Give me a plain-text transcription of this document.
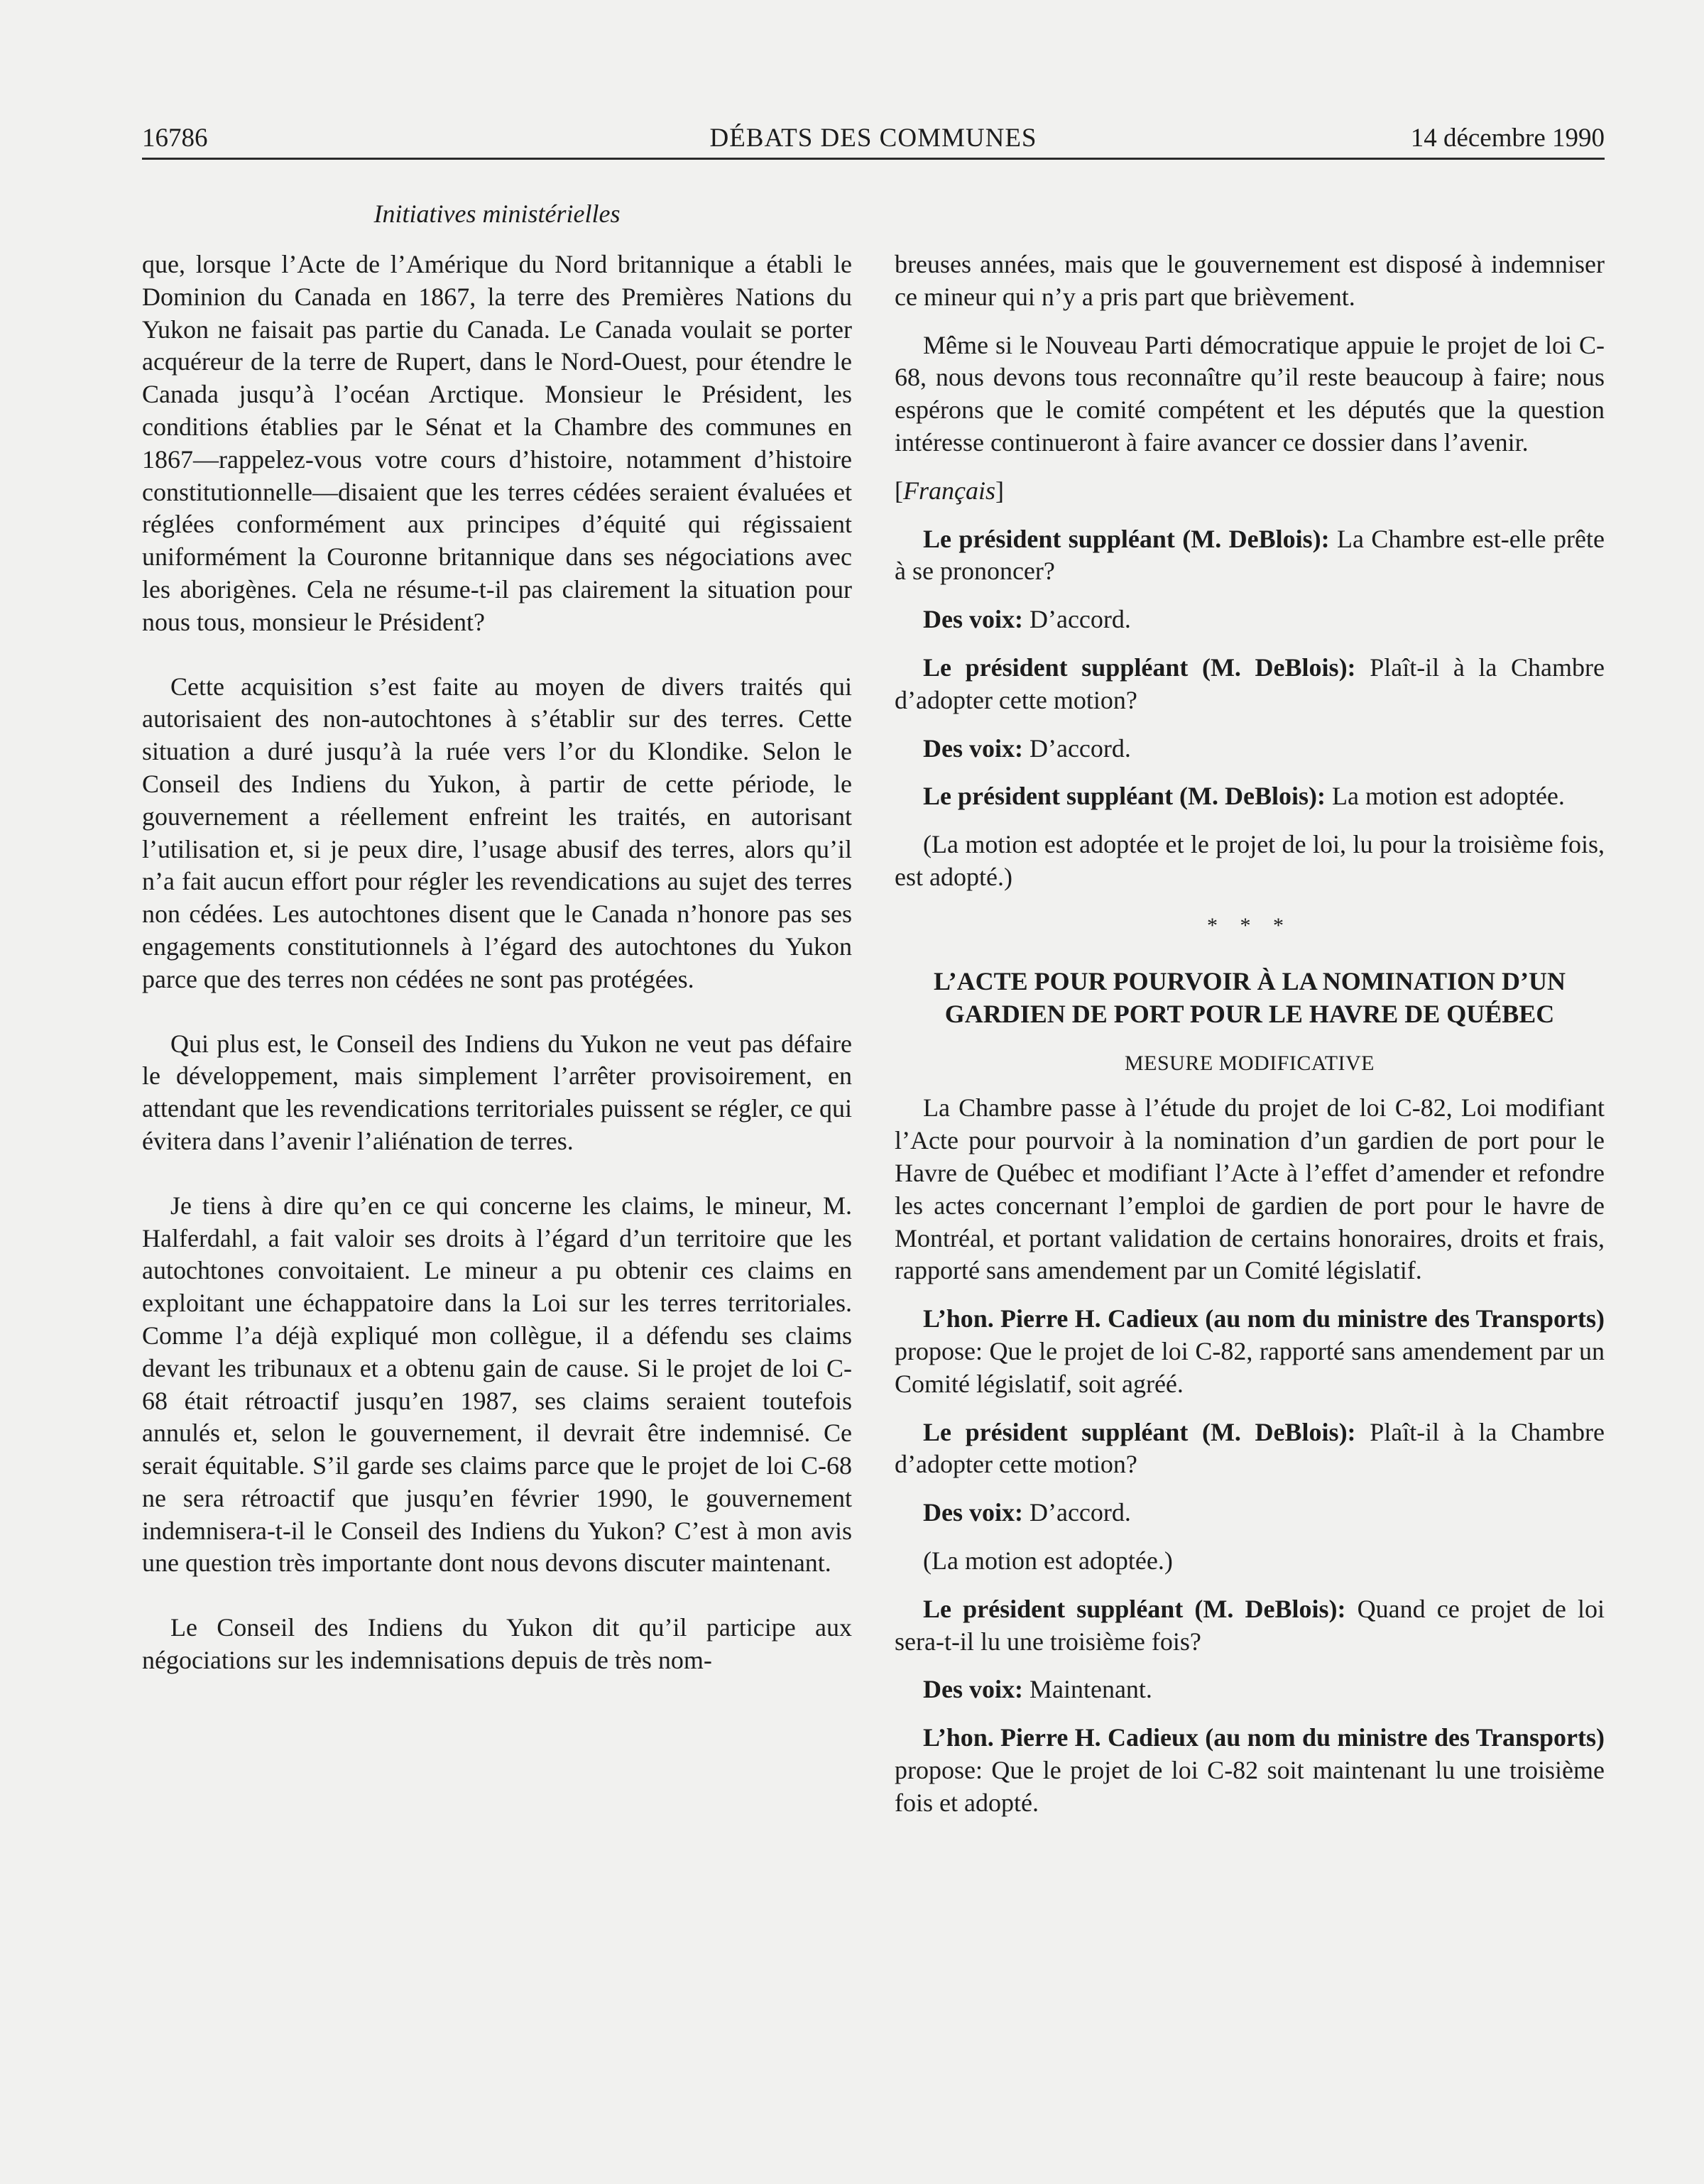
16786	DÉBATS DES COMMUNES	14 décembre 1990
Initiatives ministérielles

que, lorsque l’Acte de l’Amérique du Nord britannique a établi le Dominion du Canada en 1867, la terre des Premières Nations du Yukon ne faisait pas partie du Canada. Le Canada voulait se porter acquéreur de la terre de Rupert, dans le Nord-Ouest, pour étendre le Canada jusqu’à l’océan Arctique. Monsieur le Président, les conditions établies par le Sénat et la Chambre des communes en 1867—rappelez-vous votre cours d’histoire, notamment d’histoire constitutionnelle—disaient que les terres cédées seraient évaluées et réglées conformément aux principes d’équité qui régissaient uniformément la Couronne britannique dans ses négociations avec les aborigènes. Cela ne résume-t-il pas clairement la situation pour nous tous, monsieur le Président?

Cette acquisition s’est faite au moyen de divers traités qui autorisaient des non-autochtones à s’établir sur des terres. Cette situation a duré jusqu’à la ruée vers l’or du Klondike. Selon le Conseil des Indiens du Yukon, à partir de cette période, le gouvernement a réellement enfreint les traités, en autorisant l’utilisation et, si je peux dire, l’usage abusif des terres, alors qu’il n’a fait aucun effort pour régler les revendications au sujet des terres non cédées. Les autochtones disent que le Canada n’honore pas ses engagements constitutionnels à l’égard des autochtones du Yukon parce que des terres non cédées ne sont pas protégées.

Qui plus est, le Conseil des Indiens du Yukon ne veut pas défaire le développement, mais simplement l’arrêter provisoirement, en attendant que les revendications territoriales puissent se régler, ce qui évitera dans l’avenir l’aliénation de terres.

Je tiens à dire qu’en ce qui concerne les claims, le mineur, M. Halferdahl, a fait valoir ses droits à l’égard d’un territoire que les autochtones convoitaient. Le mineur a pu obtenir ces claims en exploitant une échappatoire dans la Loi sur les terres territoriales. Comme l’a déjà expliqué mon collègue, il a défendu ses claims devant les tribunaux et a obtenu gain de cause. Si le projet de loi C-68 était rétroactif jusqu’en 1987, ses claims seraient toutefois annulés et, selon le gouvernement, il devrait être indemnisé. Ce serait équitable. S’il garde ses claims parce que le projet de loi C-68 ne sera rétroactif que jusqu’en février 1990, le gouvernement indemnisera-t-il le Conseil des Indiens du Yukon? C’est à mon avis une question très importante dont nous devons discuter maintenant.

Le Conseil des Indiens du Yukon dit qu’il participe aux négociations sur les indemnisations depuis de très nom-

breuses années, mais que le gouvernement est disposé à indemniser ce mineur qui n’y a pris part que brièvement.

Même si le Nouveau Parti démocratique appuie le projet de loi C-68, nous devons tous reconnaître qu’il reste beaucoup à faire; nous espérons que le comité compétent et les députés que la question intéresse continueront à faire avancer ce dossier dans l’avenir.

[Français]

Le président suppléant (M. DeBlois): La Chambre est-elle prête à se prononcer?

Des voix: D’accord.

Le président suppléant (M. DeBlois): Plaît-il à la Chambre d’adopter cette motion?

Des voix: D’accord.

Le président suppléant (M. DeBlois): La motion est adoptée.

(La motion est adoptée et le projet de loi, lu pour la troisième fois, est adopté.)

* * *

L’ACTE POUR POURVOIR À LA NOMINATION D’UN GARDIEN DE PORT POUR LE HAVRE DE QUÉBEC

MESURE MODIFICATIVE

La Chambre passe à l’étude du projet de loi C-82, Loi modifiant l’Acte pour pourvoir à la nomination d’un gardien de port pour le Havre de Québec et modifiant l’Acte à l’effet d’amender et refondre les actes concernant l’emploi de gardien de port pour le havre de Montréal, et portant validation de certains honoraires, droits et frais, rapporté sans amendement par un Comité législatif.

L’hon. Pierre H. Cadieux (au nom du ministre des Transports) propose: Que le projet de loi C-82, rapporté sans amendement par un Comité législatif, soit agréé.

Le président suppléant (M. DeBlois): Plaît-il à la Chambre d’adopter cette motion?

Des voix: D’accord.

(La motion est adoptée.)

Le président suppléant (M. DeBlois): Quand ce projet de loi sera-t-il lu une troisième fois?

Des voix: Maintenant.

L’hon. Pierre H. Cadieux (au nom du ministre des Transports) propose: Que le projet de loi C-82 soit maintenant lu une troisième fois et adopté.
